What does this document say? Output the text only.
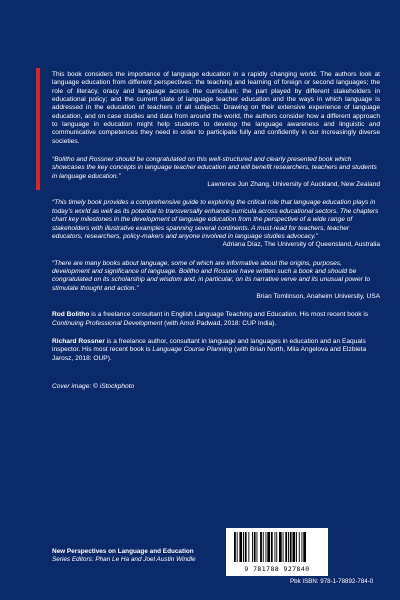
This book considers the importance of language education in a rapidly changing world. The authors look at language education from different perspectives: the teaching and learning of foreign or second languages; the role of literacy, oracy and language across the curriculum; the part played by different stakeholders in educational policy; and the current state of language teacher education and the ways in which language is addressed in the education of teachers of all subjects. Drawing on their extensive experience of language education, and on case studies and data from around the world, the authors consider how a different approach to language in education might help students to develop the language awareness and linguistic and communicative competences they need in order to participate fully and confidently in our increasingly diverse societies.

“Bolitho and Rossner should be congratulated on this well-structured and clearly presented book which showcases the key concepts in language teacher education and will benefit researchers, teachers and students in language education.”

Lawrence Jun Zhang, University of Auckland, New Zealand

“This timely book provides a comprehensive guide to exploring the critical role that language education plays in today’s world as well as its potential to transversally enhance curricula across educational sectors. The chapters chart key milestones in the development of language education from the perspective of a wide range of stakeholders with illustrative examples spanning several continents. A must-read for teachers, teacher educators, researchers, policy-makers and anyone involved in language studies advocacy.”

Adriana Díaz, The University of Queensland, Australia

“There are many books about language, some of which are informative about the origins, purposes, development and significance of language. Bolitho and Rossner have written such a book and should be congratulated on its scholarship and wisdom and, in particular, on its narrative verve and its unusual power to stimulate thought and action.”

Brian Tomlinson, Anaheim University, USA

Rod Bolitho is a freelance consultant in English Language Teaching and Education. His most recent book is Continuing Professional Development (with Amol Padwad, 2018: CUP India).

Richard Rossner is a freelance author, consultant in language and languages in education and an Eaquals inspector. His most recent book is Language Course Planning (with Brian North, Mila Angelova and Elzbieta Jarosz, 2018: OUP).

Cover image: © iStockphoto

New Perspectives on Language and Education
Series Editors: Phan Le Ha and Joel Austin Windle
9 781788 927840
Pbk ISBN: 978-1-78892-784-0
